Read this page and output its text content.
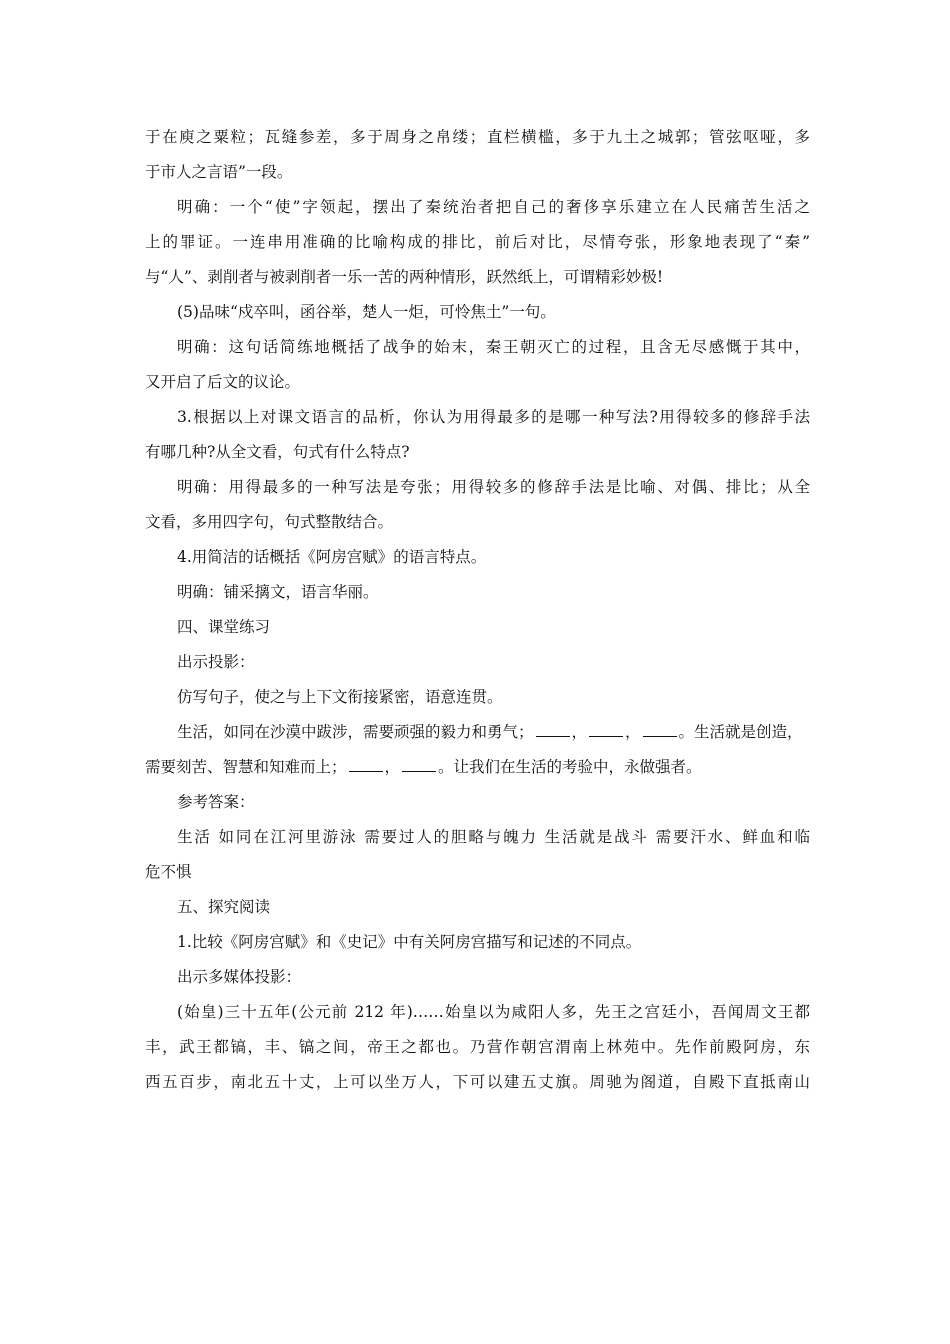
于在庾之粟粒；瓦缝参差，多于周身之帛缕；直栏横槛，多于九土之城郭；管弦呕哑，多

于市人之言语”一段。

明确：一个“使”字领起，摆出了秦统治者把自己的奢侈享乐建立在人民痛苦生活之

上的罪证。一连串用准确的比喻构成的排比，前后对比，尽情夸张，形象地表现了“秦”

与“人”、剥削者与被剥削者一乐一苦的两种情形，跃然纸上，可谓精彩妙极!

(5)品味“戍卒叫，函谷举，楚人一炬，可怜焦土”一句。

明确：这句话简练地概括了战争的始末，秦王朝灭亡的过程，且含无尽感慨于其中，

又开启了后文的议论。

3.根据以上对课文语言的品析，你认为用得最多的是哪一种写法?用得较多的修辞手法

有哪几种?从全文看，句式有什么特点?

明确：用得最多的一种写法是夸张；用得较多的修辞手法是比喻、对偶、排比；从全

文看，多用四字句，句式整散结合。

4.用简洁的话概括《阿房宫赋》的语言特点。

明确：铺采摛文，语言华丽。

四、课堂练习

出示投影：

仿写句子，使之与上下文衔接紧密，语意连贯。

生活，如同在沙漠中跋涉，需要顽强的毅力和勇气； ， ， 。生活就是创造，

需要刻苦、智慧和知难而上； ， 。让我们在生活的考验中，永做强者。

参考答案：

生活 如同在江河里游泳 需要过人的胆略与魄力 生活就是战斗 需要汗水、鲜血和临

危不惧

五、探究阅读

1.比较《阿房宫赋》和《史记》中有关阿房宫描写和记述的不同点。

出示多媒体投影：

(始皇)三十五年(公元前 212 年)……始皇以为咸阳人多，先王之宫廷小，吾闻周文王都

丰，武王都镐，丰、镐之间，帝王之都也。乃营作朝宫渭南上林苑中。先作前殿阿房，东

西五百步，南北五十丈，上可以坐万人，下可以建五丈旗。周驰为阁道，自殿下直抵南山
